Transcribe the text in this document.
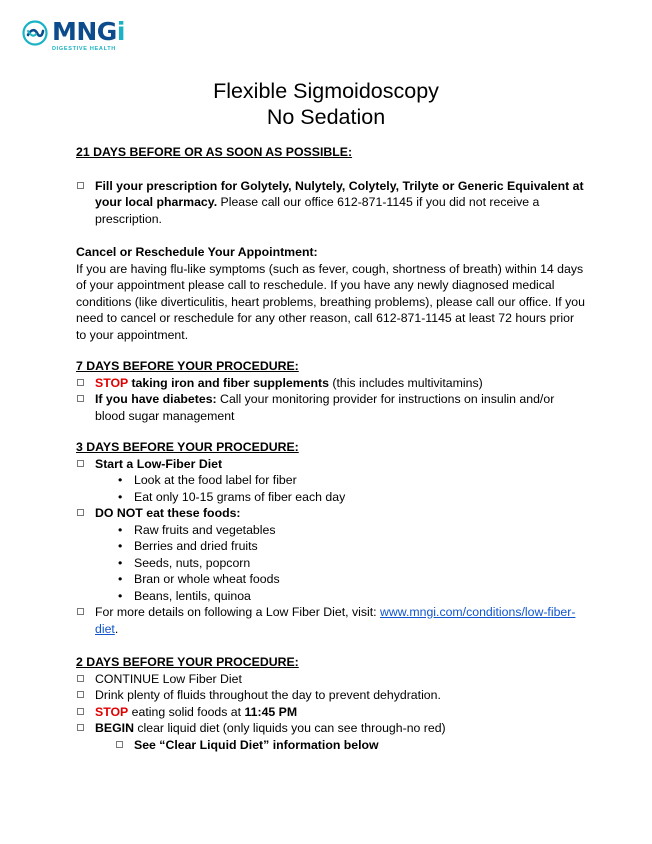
MNGi
DIGESTIVE HEALTH
Flexible Sigmoidoscopy
No Sedation
21 DAYS BEFORE OR AS SOON AS POSSIBLE:
Fill your prescription for Golytely, Nulytely, Colytely, Trilyte or Generic Equivalent at your local pharmacy. Please call our office 612-871-1145 if you did not receive a prescription.
Cancel or Reschedule Your Appointment:
If you are having flu-like symptoms (such as fever, cough, shortness of breath) within 14 days of your appointment please call to reschedule. If you have any newly diagnosed medical conditions (like diverticulitis, heart problems, breathing problems), please call our office. If you need to cancel or reschedule for any other reason, call 612-871-1145 at least 72 hours prior to your appointment.
7 DAYS BEFORE YOUR PROCEDURE:
STOP taking iron and fiber supplements (this includes multivitamins)
If you have diabetes: Call your monitoring provider for instructions on insulin and/or blood sugar management
3 DAYS BEFORE YOUR PROCEDURE:
Start a Low-Fiber Diet
• Look at the food label for fiber
• Eat only 10-15 grams of fiber each day
DO NOT eat these foods:
• Raw fruits and vegetables
• Berries and dried fruits
• Seeds, nuts, popcorn
• Bran or whole wheat foods
• Beans, lentils, quinoa
For more details on following a Low Fiber Diet, visit: www.mngi.com/conditions/low-fiber-diet.
2 DAYS BEFORE YOUR PROCEDURE:
CONTINUE Low Fiber Diet
Drink plenty of fluids throughout the day to prevent dehydration.
STOP eating solid foods at 11:45 PM
BEGIN clear liquid diet (only liquids you can see through-no red)
See “Clear Liquid Diet” information below
